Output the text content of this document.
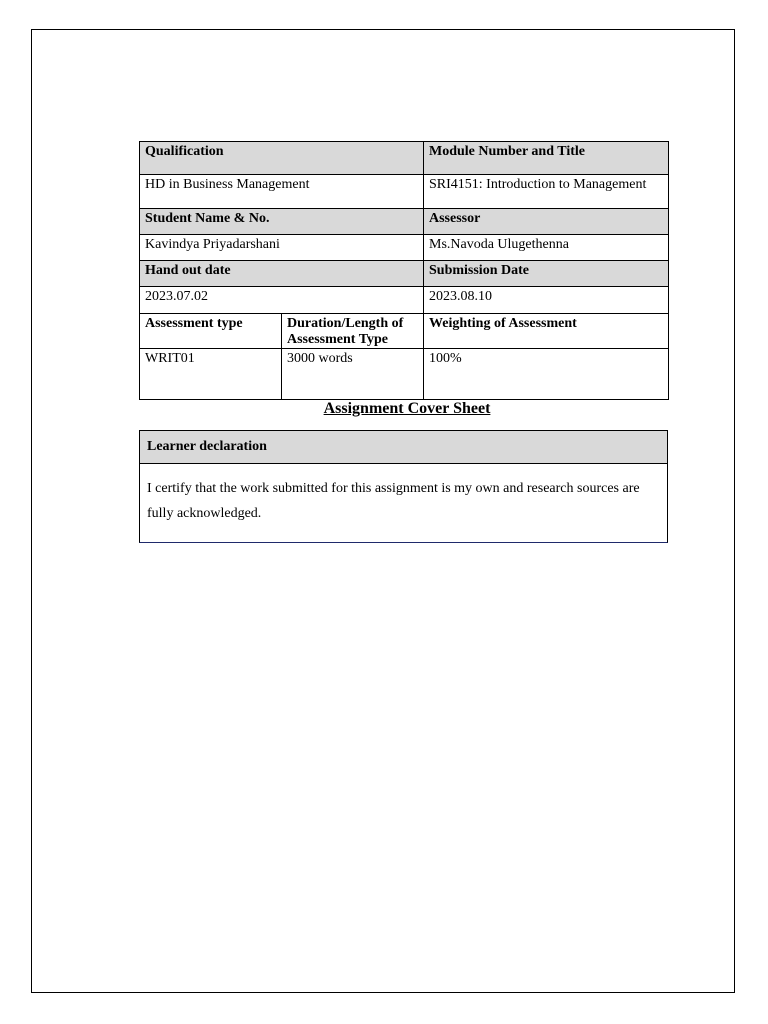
Qualification		Module Number and Title
HD in Business Management		SRI4151: Introduction to Management
Student Name & No.		Assessor
Kavindya Priyadarshani		Ms.Navoda Ulugethenna
Hand out date		Submission Date
2023.07.02		2023.08.10
Assessment type	Duration/Length of Assessment Type	Weighting of Assessment
WRIT01	3000 words	100%
Assignment Cover Sheet
Learner declaration
I certify that the work submitted for this assignment is my own and research sources are fully acknowledged.
